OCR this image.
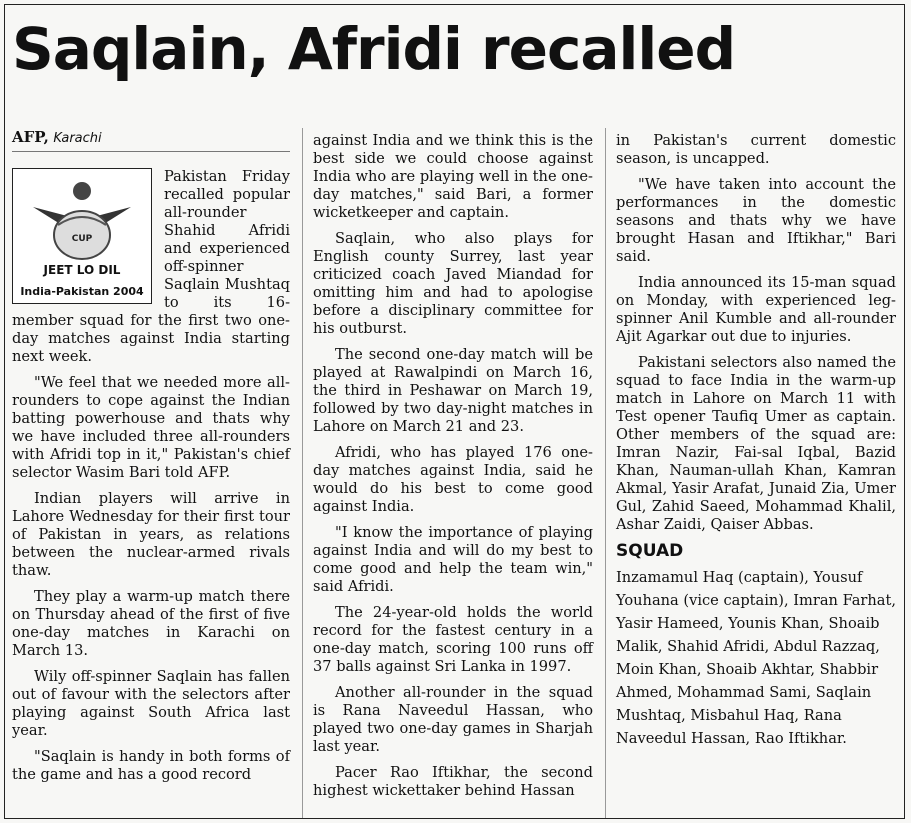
Saqlain, Afridi recalled
AFP, Karachi
CUP
JEET LO DIL
India-Pakistan 2004

Pakistan Friday recalled popular all-rounder Shahid Afridi and experienced off-spinner Saqlain Mushtaq to its 16-member squad for the first two one-day matches against India starting next week.

"We feel that we needed more all-rounders to cope against the Indian batting powerhouse and thats why we have included three all-rounders with Afridi top in it," Pakistan's chief selector Wasim Bari told AFP.

Indian players will arrive in Lahore Wednesday for their first tour of Pakistan in years, as relations between the nuclear-armed rivals thaw.

They play a warm-up match there on Thursday ahead of the first of five one-day matches in Karachi on March 13.

Wily off-spinner Saqlain has fallen out of favour with the selectors after playing against South Africa last year.

"Saqlain is handy in both forms of the game and has a good record

against India and we think this is the best side we could choose against India who are playing well in the one-day matches," said Bari, a former wicketkeeper and captain.

Saqlain, who also plays for English county Surrey, last year criticized coach Javed Miandad for omitting him and had to apologise before a disciplinary committee for his outburst.

The second one-day match will be played at Rawalpindi on March 16, the third in Peshawar on March 19, followed by two day-night matches in Lahore on March 21 and 23.

Afridi, who has played 176 one-day matches against India, said he would do his best to come good against India.

"I know the importance of playing against India and will do my best to come good and help the team win," said Afridi.

The 24-year-old holds the world record for the fastest century in a one-day match, scoring 100 runs off 37 balls against Sri Lanka in 1997.

Another all-rounder in the squad is Rana Naveedul Hassan, who played two one-day games in Sharjah last year.

Pacer Rao Iftikhar, the second highest wickettaker behind Hassan

in Pakistan's current domestic season, is uncapped.

"We have taken into account the performances in the domestic seasons and thats why we have brought Hasan and Iftikhar," Bari said.

India announced its 15-man squad on Monday, with experienced leg-spinner Anil Kumble and all-rounder Ajit Agarkar out due to injuries.

Pakistani selectors also named the squad to face India in the warm-up match in Lahore on March 11 with Test opener Taufiq Umer as captain. Other members of the squad are: Imran Nazir, Fai-sal Iqbal, Bazid Khan, Nauman-ullah Khan, Kamran Akmal, Yasir Arafat, Junaid Zia, Umer Gul, Zahid Saeed, Mohammad Khalil, Ashar Zaidi, Qaiser Abbas.

SQUAD
Inzamamul Haq (captain), Yousuf Youhana (vice captain), Imran Farhat, Yasir Hameed, Younis Khan, Shoaib Malik, Shahid Afridi, Abdul Razzaq, Moin Khan, Shoaib Akhtar, Shabbir Ahmed, Mohammad Sami, Saqlain Mushtaq, Misbahul Haq, Rana Naveedul Hassan, Rao Iftikhar.
